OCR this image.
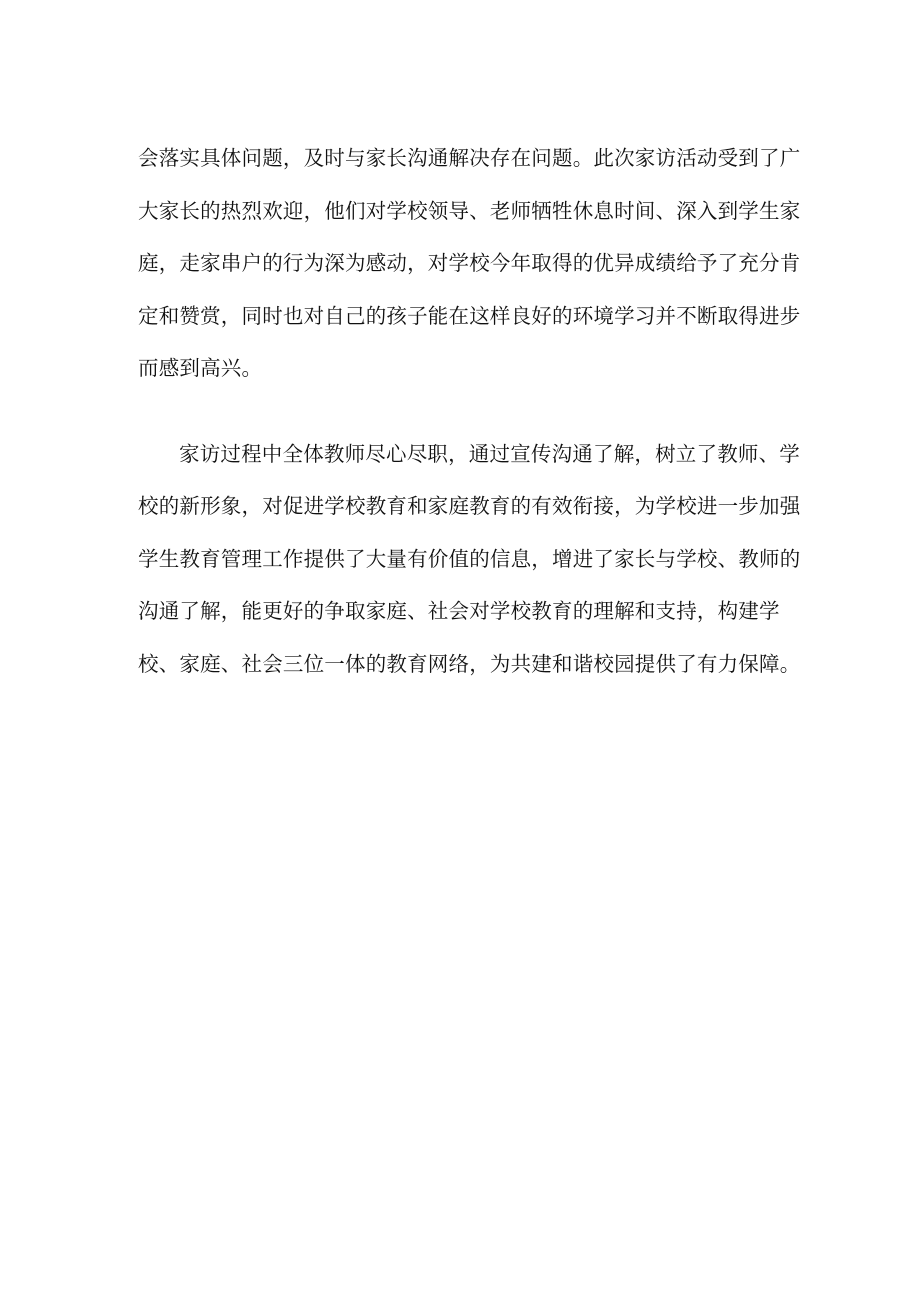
会落实具体问题，及时与家长沟通解决存在问题。此次家访活动受到了广
大家长的热烈欢迎，他们对学校领导、老师牺牲休息时间、深入到学生家
庭，走家串户的行为深为感动，对学校今年取得的优异成绩给予了充分肯
定和赞赏，同时也对自己的孩子能在这样良好的环境学习并不断取得进步
而感到高兴。
家访过程中全体教师尽心尽职，通过宣传沟通了解，树立了教师、学
校的新形象，对促进学校教育和家庭教育的有效衔接，为学校进一步加强
学生教育管理工作提供了大量有价值的信息，增进了家长与学校、教师的
沟通了解，能更好的争取家庭、社会对学校教育的理解和支持，构建学
校、家庭、社会三位一体的教育网络，为共建和谐校园提供了有力保障。
